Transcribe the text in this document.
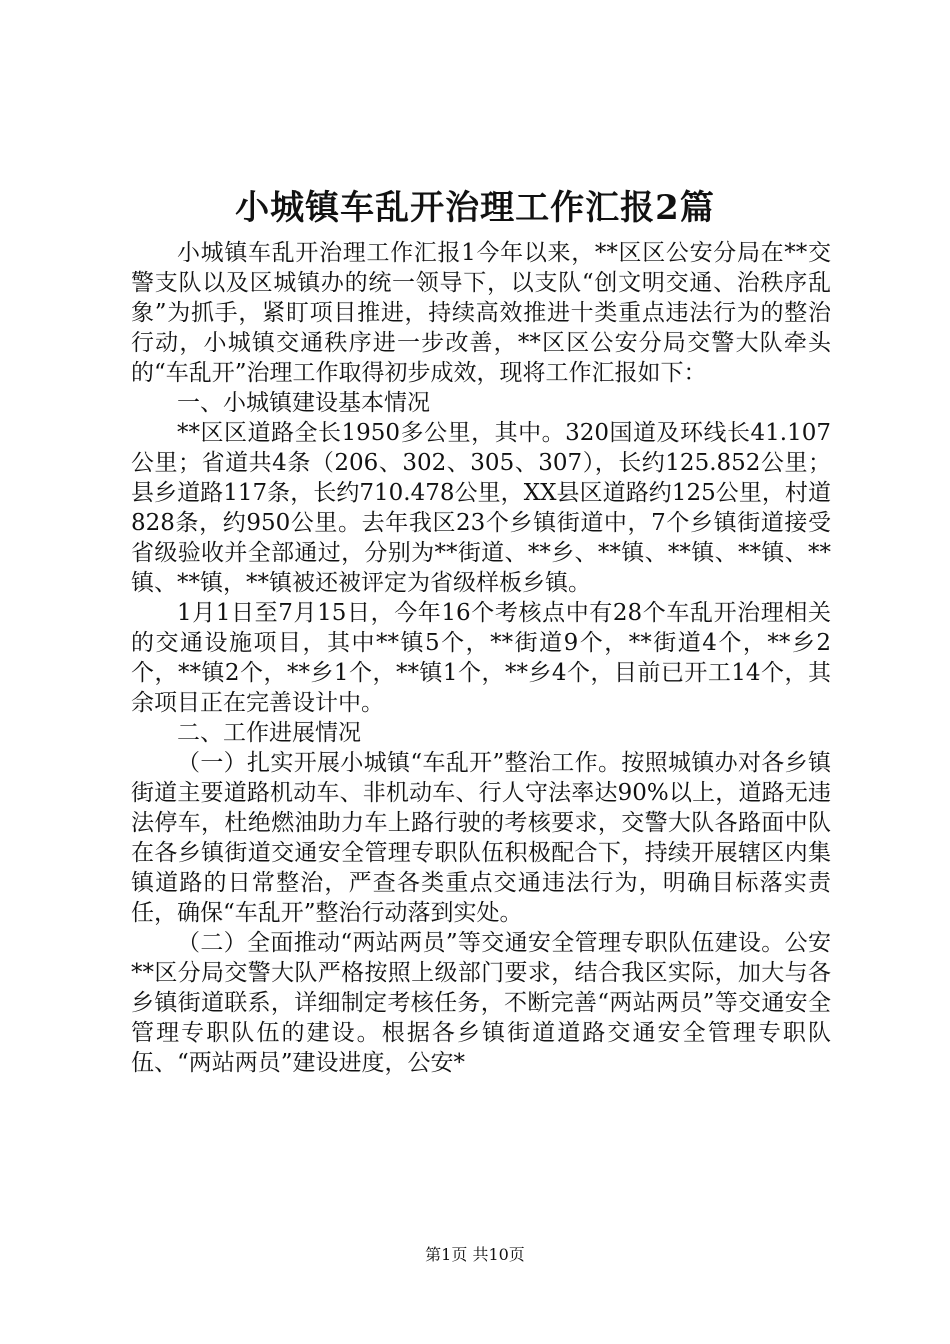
小城镇车乱开治理工作汇报2篇

小城镇车乱开治理工作汇报1今年以来，**区区公安分局在**交警支队以及区城镇办的统一领导下，以支队“创文明交通、治秩序乱象”为抓手，紧盯项目推进，持续高效推进十类重点违法行为的整治行动，小城镇交通秩序进一步改善，**区区公安分局交警大队牵头的“车乱开”治理工作取得初步成效，现将工作汇报如下：

一、小城镇建设基本情况

**区区道路全长1950多公里，其中。320国道及环线长41.107公里；省道共4条（206、302、305、307），长约125.852公里；县乡道路117条，长约710.478公里，XX县区道路约125公里，村道828条，约950公里。去年我区23个乡镇街道中，7个乡镇街道接受省级验收并全部通过，分别为**街道、**乡、**镇、**镇、**镇、**镇、**镇，**镇被还被评定为省级样板乡镇。

1月1日至7月15日，今年16个考核点中有28个车乱开治理相关的交通设施项目，其中**镇5个，**街道9个，**街道4个，**乡2个，**镇2个，**乡1个，**镇1个，**乡4个，目前已开工14个，其余项目正在完善设计中。

二、工作进展情况

（一）扎实开展小城镇“车乱开”整治工作。按照城镇办对各乡镇街道主要道路机动车、非机动车、行人守法率达90%以上，道路无违法停车，杜绝燃油助力车上路行驶的考核要求，交警大队各路面中队在各乡镇街道交通安全管理专职队伍积极配合下，持续开展辖区内集镇道路的日常整治，严查各类重点交通违法行为，明确目标落实责任，确保“车乱开”整治行动落到实处。

（二）全面推动“两站两员”等交通安全管理专职队伍建设。公安**区分局交警大队严格按照上级部门要求，结合我区实际，加大与各乡镇街道联系，详细制定考核任务，不断完善“两站两员”等交通安全管理专职队伍的建设。根据各乡镇街道道路交通安全管理专职队伍、“两站两员”建设进度，公安*

第1页 共10页
